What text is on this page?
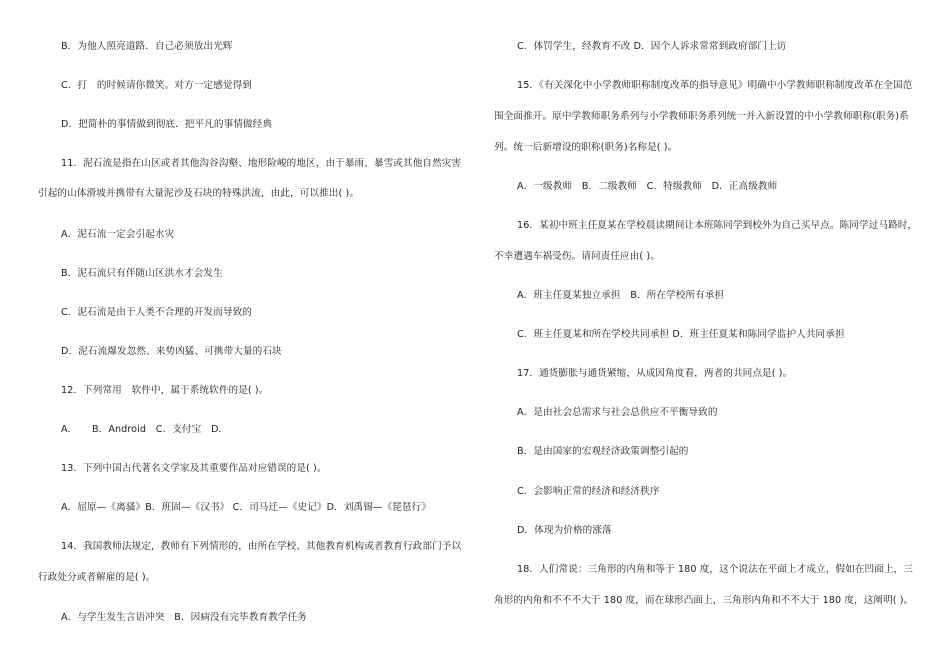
B．为他人照亮道路．自己必须放出光辉
C．打　的时候请你微笑。对方一定感觉得到
D．把简朴的事情做到彻底．把平凡的事情做经典
11．泥石流是指在山区或者其他沟谷沟壑、地形险峻的地区，由于暴雨、暴雪或其他自然灾害
引起的山体滑坡并携带有大量泥沙及石块的特殊洪流，由此，可以推出( )。
A．泥石流一定会引起水灾
B．泥石流只有伴随山区洪水才会发生
C．泥石流是由于人类不合理的开发而导致的
D．泥石流爆发忽然、来势凶猛、可携带大量的石块
12．下列常用　软件中，属于系统软件的是( )。
A．　　B．Android　C．支付宝　D．
13．下列中国古代著名文学家及其重要作品对应错误的是( )。
A．屈原—《离骚》B．班固—《汉书》 C．司马迁—《史记》D．刘禹锡—《琵琶行》
14．我国教师法规定，教师有下列情形的，由所在学校、其他教育机构或者教育行政部门予以
行政处分或者解雇的是( )。
A．与学生发生言语冲突　B．因病没有完毕教育教学任务
C．体罚学生，经教育不改 D．因个人诉求常常到政府部门上访
15．《有关深化中小学教师职称制度改革的指导意见》明确中小学教师职称制度改革在全国范
围全面推开。原中学教师职务系列与小学教师职务系列统一并入新设置的中小学教师职称(职务)系
列。统一后新增设的职称(职务)名称是( )。
A．一级教师　B．二级教师　C．特级教师　D．正高级教师
16．某初中班主任夏某在学校晨读期间让本班陈同学到校外为自己买早点。陈同学过马路时，
不幸遭遇车祸受伤。请问责任应由( )。
A．班主任夏某独立承担　B．所在学校所有承担
C．班主任夏某和所在学校共同承担 D．班主任夏某和陈同学监护人共同承担
17．通货膨胀与通货紧缩，从成因角度看，两者的共同点是( )。
A．是由社会总需求与社会总供应不平衡导致的
B．是由国家的宏观经济政策调整引起的
C．会影响正常的经济和经济秩序
D．体现为价格的涨落
18．人们常说：三角形的内角和等于 180 度，这个说法在平面上才成立，假如在凹面上，三
角形的内角和不不不大于 180 度，而在球形凸面上，三角形内角和不不大于 180 度，这阐明( )。
